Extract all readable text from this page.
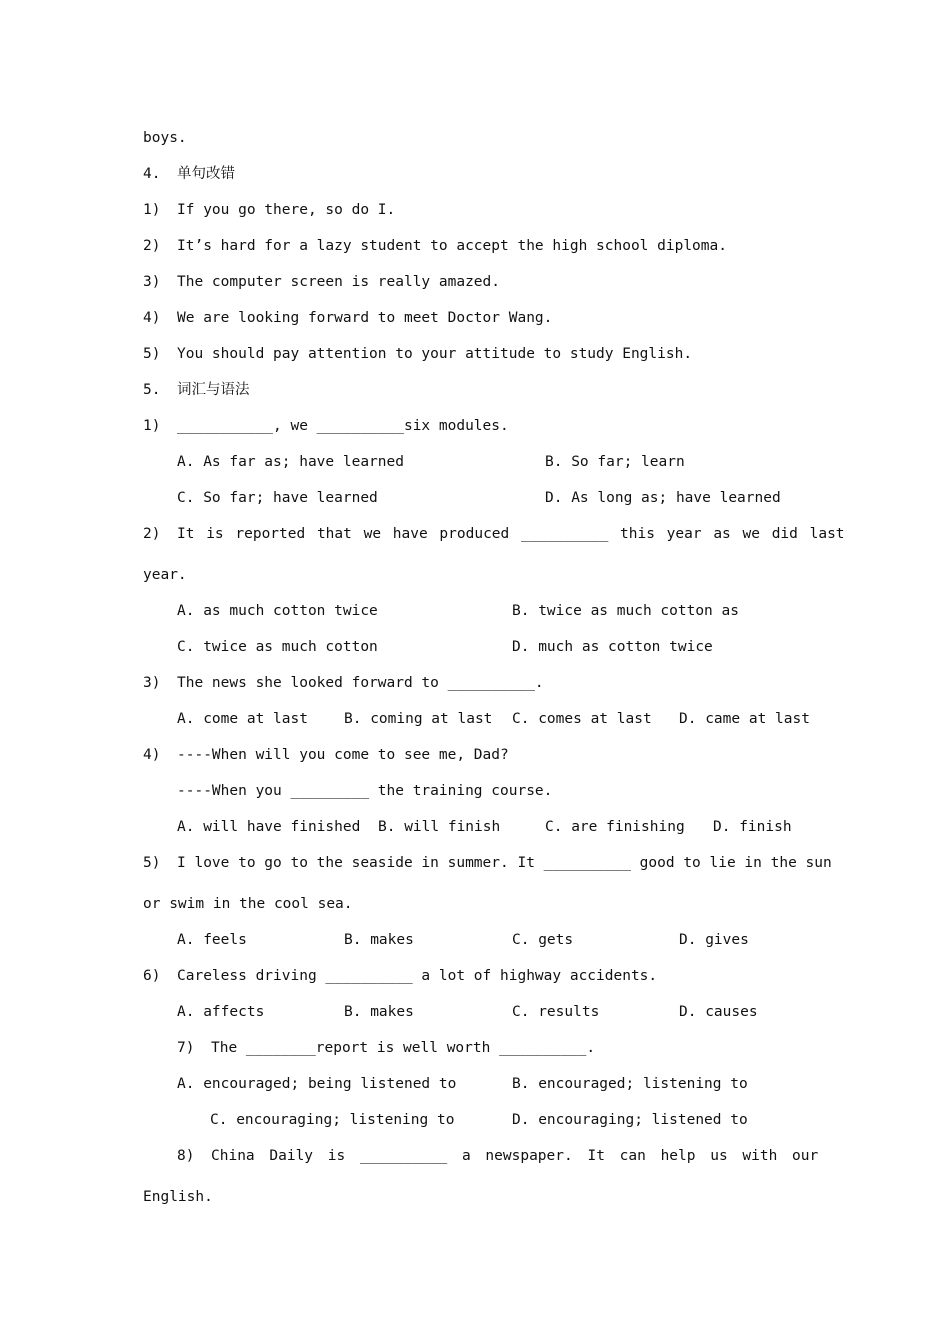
boys.
4. 单句改错
1) If you go there, so do I.
2) It’s hard for a lazy student to accept the high school diploma.
3) The computer screen is really amazed.
4) We are looking forward to meet Doctor Wang.
5) You should pay attention to your attitude to study English.
5. 词汇与语法
1) ___________, we __________six modules.
A. As far as; have learned	B. So far; learn
C. So far; have learned	D. As long as; have learned
2) It is reported that we have produced __________ this year as we did last
year.
A. as much cotton twice	B. twice as much cotton as
C. twice as much cotton	D. much as cotton twice
3) The news she looked forward to __________.
A. come at last B. coming at last C. comes at last D. came at last
4) ----When will you come to see me, Dad?
----When you _________ the training course.
A. will have finished B. will finish	C. are finishing D. finish
5) I love to go to the seaside in summer. It __________ good to lie in the sun
or swim in the cool sea.
A. feels	B. makes	C. gets	D. gives
6) Careless driving __________ a lot of highway accidents.
A. affects	B. makes	C. results	D. causes
7) The ________report is well worth __________.
A. encouraged; being listened to	B. encouraged; listening to
C. encouraging; listening to	D. encouraging; listened to
8) China Daily is __________ a newspaper. It can help us with our
English.
